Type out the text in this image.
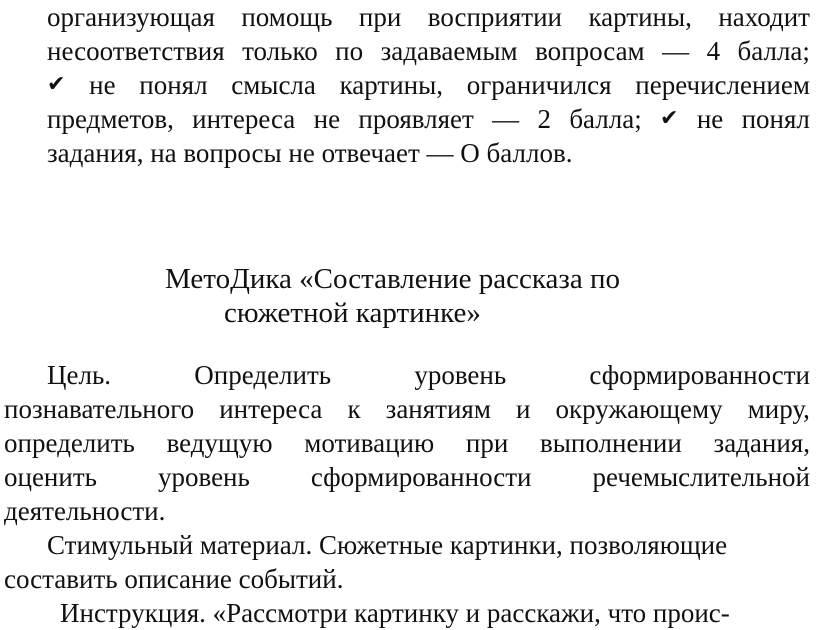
организующая помощь при восприятии картины, находит
несоответствия только по задаваемым вопросам — 4 балла;
✔ не понял смысла картины, ограничился перечислением
предметов, интереса не проявляет — 2 балла; ✔ не понял
задания, на вопросы не отвечает — О баллов.
МетоДика «Составление рассказа по
сюжетной картинке»
Цель.	Определить	уровень	сформированности
познавательного интереса к занятиям и окружающему миру,
определить ведущую мотивацию при выполнении задания,
оценить уровень сформированности речемыслительной
деятельности.
Стимульный материал. Сюжетные картинки, позволяющие
составить описание событий.
Инструкция. «Рассмотри картинку и расскажи, что проис-
